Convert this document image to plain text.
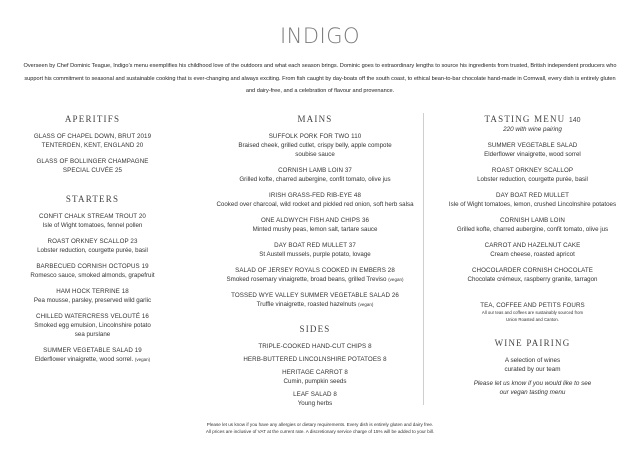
INDIGO
Overseen by Chef Dominic Teague, Indigo’s menu exemplifies his childhood love of the outdoors and what each season brings. Dominic goes to extraordinary lengths to source his ingredients from trusted, British independent producers who support his commitment to seasonal and sustainable cooking that is ever-changing and always exciting. From fish caught by day-boats off the south coast, to ethical bean-to-bar chocolate hand-made in Cornwall, every dish is entirely gluten and dairy-free, and a celebration of flavour and provenance.
APERITIFS
GLASS OF CHAPEL DOWN, BRUT 2019
TENTERDEN, KENT, ENGLAND 20
GLASS OF BOLLINGER CHAMPAGNE
SPECIAL CUVÉE 25
STARTERS
CONFIT CHALK STREAM TROUT 20
Isle of Wight tomatoes, fennel pollen
ROAST ORKNEY SCALLOP 23
Lobster reduction, courgette purée, basil
BARBECUED CORNISH OCTOPUS 19
Romesco sauce, smoked almonds, grapefruit
HAM HOCK TERRINE 18
Pea mousse, parsley, preserved wild garlic
CHILLED WATERCRESS VELOUTÉ 16
Smoked egg emulsion, Lincolnshire potato
sea purslane
SUMMER VEGETABLE SALAD 19
Elderflower vinaigrette, wood sorrel. (vegan)
MAINS
SUFFOLK PORK FOR TWO 110
Braised cheek, grilled cutlet, crispy belly, apple compote
soubise sauce
CORNISH LAMB LOIN 37
Grilled kofte, charred aubergine, confit tomato, olive jus
IRISH GRASS-FED RIB-EYE 48
Cooked over charcoal, wild rocket and pickled red onion, soft herb salsa
ONE ALDWYCH FISH AND CHIPS 36
Minted mushy peas, lemon salt, tartare sauce
DAY BOAT RED MULLET 37
St Austell mussels, purple potato, lovage
SALAD OF JERSEY ROYALS COOKED IN EMBERS 28
Smoked rosemary vinaigrette, broad beans, grilled Treviso (vegan)
TOSSED WYE VALLEY SUMMER VEGETABLE SALAD 26
Truffle vinaigrette, roasted hazelnuts (vegan)
SIDES
TRIPLE-COOKED HAND-CUT CHIPS 8
HERB-BUTTERED LINCOLNSHIRE POTATOES 8
HERITAGE CARROT 8
Cumin, pumpkin seeds
LEAF SALAD 8
Young herbs
TASTING MENU 140
220 with wine pairing
SUMMER VEGETABLE SALAD
Elderflower vinaigrette, wood sorrel
ROAST ORKNEY SCALLOP
Lobster reduction, courgette purée, basil
DAY BOAT RED MULLET
Isle of Wight tomatoes, lemon, crushed Lincolnshire potatoes
CORNISH LAMB LOIN
Grilled kofte, charred aubergine, confit tomato, olive jus
CARROT AND HAZELNUT CAKE
Cream cheese, roasted apricot
CHOCOLARDER CORNISH CHOCOLATE
Chocolate crémeux, raspberry granite, tarragon
TEA, COFFEE AND PETITS FOURS
All our teas and coffees are sustainably sourced from
Union Roasted and Canton.
WINE PAIRING
A selection of wines
curated by our team
Please let us know if you would like to see
our vegan tasting menu
Please let us know if you have any allergies or dietary requirements. Every dish is entirely gluten and dairy free.
All prices are inclusive of VAT at the current rate. A discretionary service charge of 15% will be added to your bill.
